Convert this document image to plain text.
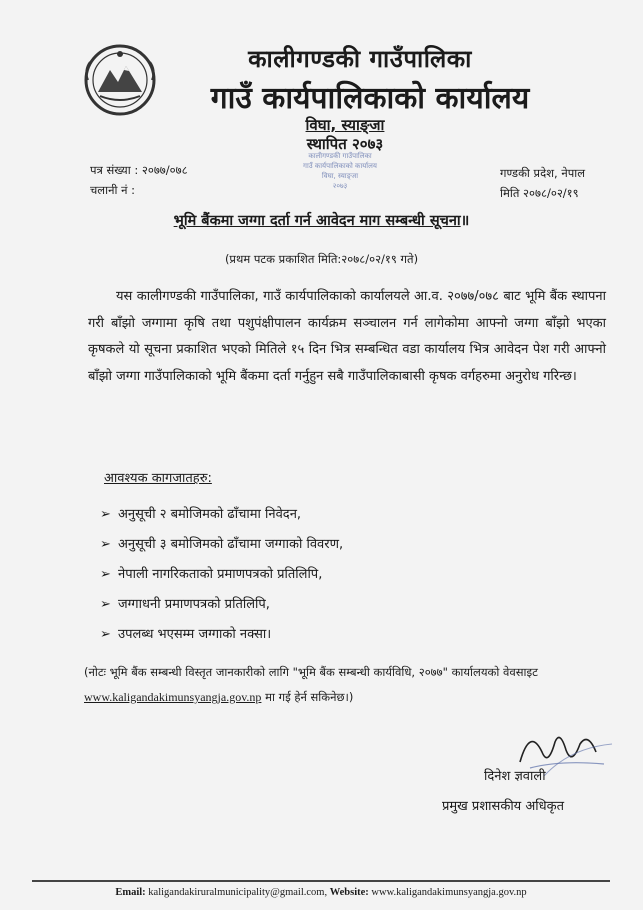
कालीगण्डकी गाउँपालिका
गाउँ कार्यपालिकाको कार्यालय
विघा, स्याङ्जा
स्थापित २०७३
कालीगण्डकी गाउँपालिका
गाउँ कार्यपालिकाको कार्यालय
विघा, स्याङ्जा
२०७३
पत्र संख्या : २०७७/०७८
चलानी नं :
गण्डकी प्रदेश, नेपाल
मिति २०७८/०२/१९
भूमि बैंकमा जग्गा दर्ता गर्न आवेदन माग सम्बन्धी सूचना॥
(प्रथम पटक प्रकाशित मिति:२०७८/०२/१९ गते)
यस कालीगण्डकी गाउँपालिका, गाउँ कार्यपालिकाको कार्यालयले आ.व. २०७७/०७८ बाट भूमि बैंक स्थापना गरी बाँझो जग्गामा कृषि तथा पशुपंक्षीपालन कार्यक्रम सञ्चालन गर्न लागेकोमा आफ्नो जग्गा बाँझो भएका कृषकले यो सूचना प्रकाशित भएको मितिले १५ दिन भित्र सम्बन्धित वडा कार्यालय भित्र आवेदन पेश गरी आफ्नो बाँझो जग्गा गाउँपालिकाको भूमि बैंकमा दर्ता गर्नुहुन सबै गाउँपालिकाबासी कृषक वर्गहरुमा अनुरोध गरिन्छ।
आवश्यक कागजातहरु:
➢ अनुसूची २ बमोजिमको ढाँचामा निवेदन,
➢ अनुसूची ३ बमोजिमको ढाँचामा जग्गाको विवरण,
➢ नेपाली नागरिकताको प्रमाणपत्रको प्रतिलिपि,
➢ जग्गाधनी प्रमाणपत्रको प्रतिलिपि,
➢ उपलब्ध भएसम्म जग्गाको नक्सा।
(नोटः भूमि बैंक सम्बन्धी विस्तृत जानकारीको लागि "भूमि बैंक सम्बन्धी कार्यविधि, २०७७" कार्यालयको वेवसाइट www.kaligandakimunsyangja.gov.np मा गई हेर्न सकिनेछ।)
दिनेश ज्ञवाली
प्रमुख प्रशासकीय अधिकृत
Email: kaligandakiruralmunicipality@gmail.com, Website: www.kaligandakimunsyangja.gov.np
